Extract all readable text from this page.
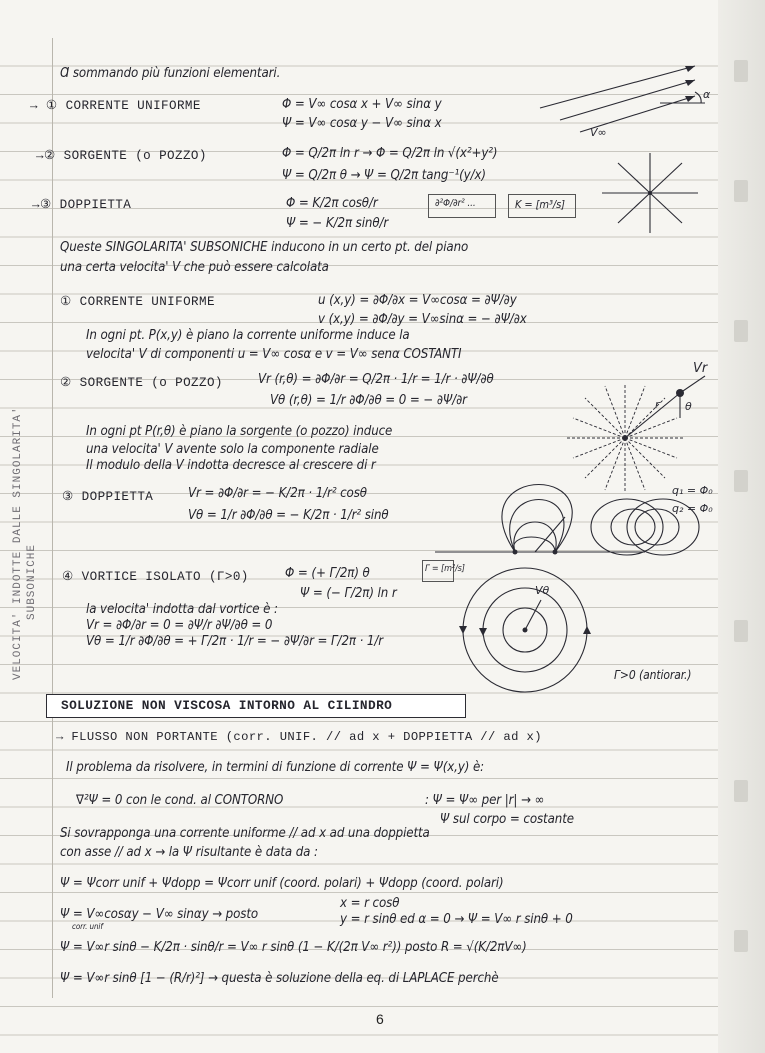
VELOCITA' INDOTTE DALLE SINGOLARITA' SUBSONICHE
Ɑ sommando più funzioni elementari.
→ ① CORRENTE UNIFORME	Φ = V∞ cosα x + V∞ sinα y
Ψ = V∞ cosα y − V∞ sinα x
→② SORGENTE (o POZZO)	Φ = Q/2π ln r → Φ = Q/2π ln √(x²+y²)
Ψ = Q/2π θ → Ψ = Q/2π tang⁻¹(y/x)
→③ DOPPIETTA	Φ = K/2π cosθ/r
Ψ = − K/2π sinθ/r
∂²Φ/∂r² ...	K = [m³/s]
Queste SINGOLARITA' SUBSONICHE inducono in un certo pt. del piano
una certa velocita' V che può essere calcolata
① CORRENTE UNIFORME	u (x,y) = ∂Φ/∂x = V∞cosα = ∂Ψ/∂y
v (x,y) = ∂Φ/∂y = V∞sinα = − ∂Ψ/∂x
In ogni pt. P(x,y) è piano la corrente uniforme induce la
velocita' V di componenti u = V∞ cosα e v = V∞ senα COSTANTI
② SORGENTE (o POZZO)	Vr (r,θ) = ∂Φ/∂r = Q/2π · 1/r = 1/r · ∂Ψ/∂θ
Vθ (r,θ) = 1/r ∂Φ/∂θ = 0 = − ∂Ψ/∂r
In ogni pt P(r,θ) è piano la sorgente (o pozzo) induce
una velocita' V avente solo la componente radiale
Il modulo della V indotta decresce al crescere di r
③ DOPPIETTA	Vr = ∂Φ/∂r = − K/2π · 1/r² cosθ
Vθ = 1/r ∂Φ/∂θ = − K/2π · 1/r² sinθ
④ VORTICE ISOLATO (Γ>0)	Φ = (+ Γ/2π) θ
Ψ = (− Γ/2π) ln r
Γ = [m²/s]
la velocita' indotta dal vortice è :
Vr = ∂Φ/∂r = 0 = ∂Ψ/r ∂Ψ/∂θ = 0
Vθ = 1/r ∂Φ/∂θ = + Γ/2π · 1/r = − ∂Ψ/∂r = Γ/2π · 1/r
Γ>0 (antiorar.)
SOLUZIONE NON VISCOSA INTORNO AL CILINDRO
→ FLUSSO NON PORTANTE (corr. UNIF. // ad x + DOPPIETTA // ad x)
Il problema da risolvere, in termini di funzione di corrente Ψ = Ψ(x,y) è:
∇²Ψ = 0 con le cond. al CONTORNO	: Ψ = Ψ∞ per |r| → ∞
Ψ sul corpo = costante
Si sovrapponga una corrente uniforme // ad x ad una doppietta
con asse // ad x → la Ψ risultante è data da :
Ψ = Ψcorr unif + Ψdopp = Ψcorr unif (coord. polari) + Ψdopp (coord. polari)
Ψ = V∞cosαy − V∞ sinαy → posto
x = r cosθ
y = r sinθ ed α = 0 → Ψ = V∞ r sinθ + 0
corr. unif
Ψ = V∞r sinθ − K/2π · sinθ/r = V∞ r sinθ (1 − K/(2π V∞ r²)) posto R = √(K/2πV∞)
Ψ = V∞r sinθ [1 − (R/r)²] → questa è soluzione della eq. di LAPLACE perchè
α
V∞
Vr
r θ
q₁ = Φ₀
q₂ = Φ₀
Vθ
6
